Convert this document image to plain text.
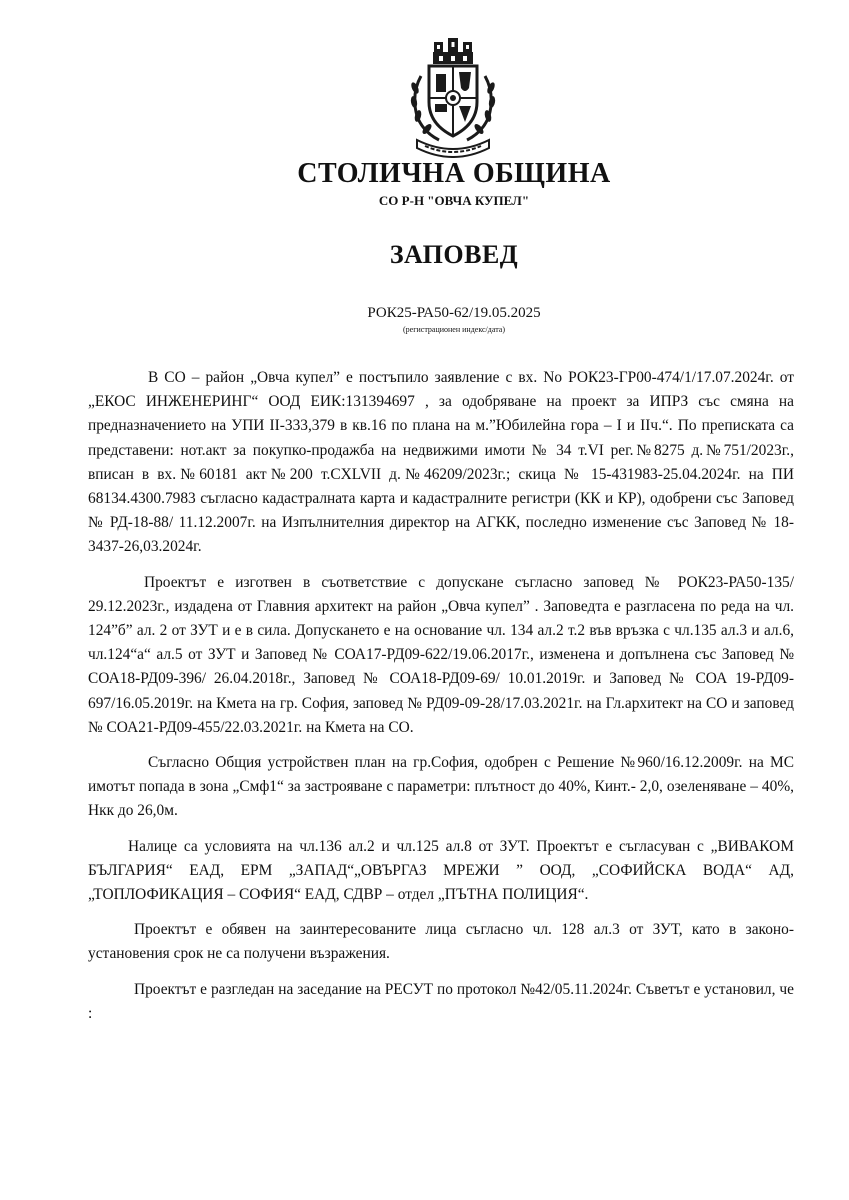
СТОЛИЧНА ОБЩИНА
СО Р-Н "ОВЧА КУПЕЛ"
ЗАПОВЕД
РОК25-РА50-62/19.05.2025
(регистрационен индекс/дата)

В СО – район „Овча купел” е постъпило заявление с вх. No РОК23-ГР00-474/1/17.07.2024г. от „ЕКОС ИНЖЕНЕРИНГ“ ООД ЕИК:131394697 , за одобряване на проект за ИПРЗ със смяна на предназначението на УПИ II-333,379 в кв.16 по плана на м.”Юбилейна гора – I и IIч.“. По преписката са представени: нот.акт за покупко-продажба на недвижими имоти № 34 т.VI рег.№8275 д.№751/2023г., вписан в вх.№60181 акт№200 т.CXLVII д.№46209/2023г.; скица № 15-431983-25.04.2024г. на ПИ 68134.4300.7983 съгласно кадастралната карта и кадастралните регистри (КК и КР), одобрени със Заповед № РД-18-88/ 11.12.2007г. на Изпълнителния директор на АГКК, последно изменение със Заповед № 18-3437-26,03.2024г.

Проектът е изготвен в съответствие с допускане съгласно заповед № РОК23-РА50-135/ 29.12.2023г., издадена от Главния архитект на район „Овча купел” . Заповедта е разгласена по реда на чл. 124”б” ал. 2 от ЗУТ и е в сила. Допускането е на основание чл. 134 ал.2 т.2 във връзка с чл.135 ал.3 и ал.6, чл.124“а“ ал.5 от ЗУТ и Заповед № СОА17-РД09-622/19.06.2017г., изменена и допълнена със Заповед № СОА18-РД09-396/ 26.04.2018г., Заповед № СОА18-РД09-69/ 10.01.2019г. и Заповед № СОА 19-РД09-697/16.05.2019г. на Кмета на гр. София, заповед № РД09-09-28/17.03.2021г. на Гл.архитект на СО и заповед № СОА21-РД09-455/22.03.2021г. на Кмета на СО.

Съгласно Общия устройствен план на гр.София, одобрен с Решение №960/16.12.2009г. на МС имотът попада в зона „Смф1“ за застрояване с параметри: плътност до 40%, Кинт.- 2,0, озеленяване – 40%, Нкк до 26,0м.

Налице са условията на чл.136 ал.2 и чл.125 ал.8 от ЗУТ. Проектът е съгласуван с „ВИВАКОМ БЪЛГАРИЯ“ ЕАД, ЕРМ „ЗАПАД“„ОВЪРГАЗ МРЕЖИ ” ООД, „СОФИЙСКА ВОДА“ АД, „ТОПЛОФИКАЦИЯ – СОФИЯ“ ЕАД, СДВР – отдел „ПЪТНА ПОЛИЦИЯ“.

Проектът е обявен на заинтересованите лица съгласно чл. 128 ал.3 от ЗУТ, като в законо-установения срок не са получени възражения.

Проектът е разгледан на заседание на РЕСУТ по протокол №42/05.11.2024г. Съветът е установил, че :
